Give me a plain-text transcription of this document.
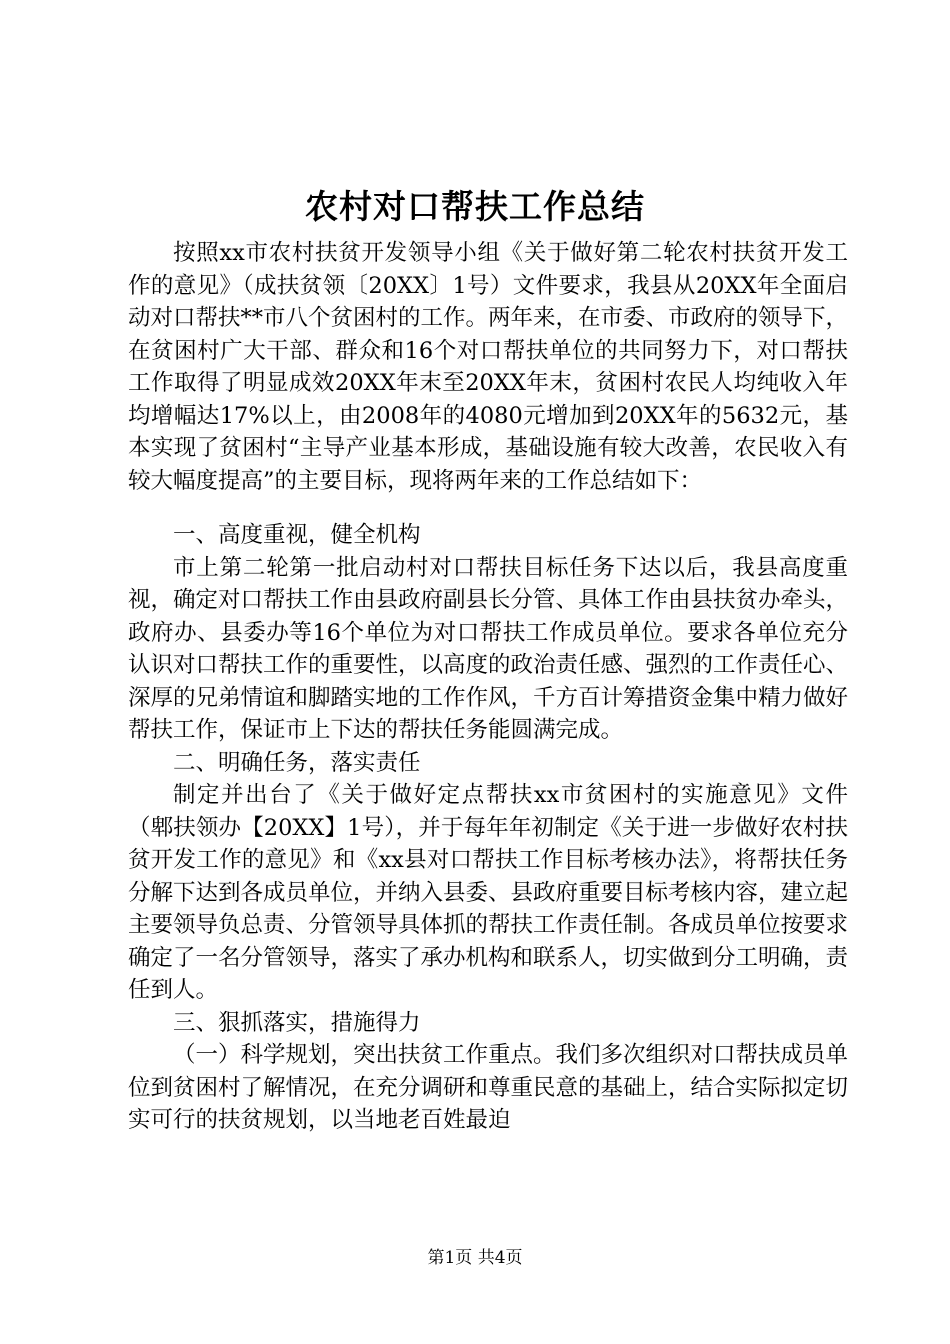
农村对口帮扶工作总结

按照xx市农村扶贫开发领导小组《关于做好第二轮农村扶贫开发工作的意见》（成扶贫领〔20XX〕1号）文件要求，我县从20XX年全面启动对口帮扶**市八个贫困村的工作。两年来，在市委、市政府的领导下，在贫困村广大干部、群众和16个对口帮扶单位的共同努力下，对口帮扶工作取得了明显成效20XX年末至20XX年末，贫困村农民人均纯收入年均增幅达17%以上，由2008年的4080元增加到20XX年的5632元，基本实现了贫困村“主导产业基本形成，基础设施有较大改善，农民收入有较大幅度提高”的主要目标，现将两年来的工作总结如下：

一、高度重视，健全机构

市上第二轮第一批启动村对口帮扶目标任务下达以后，我县高度重视，确定对口帮扶工作由县政府副县长分管、具体工作由县扶贫办牵头，政府办、县委办等16个单位为对口帮扶工作成员单位。要求各单位充分认识对口帮扶工作的重要性，以高度的政治责任感、强烈的工作责任心、深厚的兄弟情谊和脚踏实地的工作作风，千方百计筹措资金集中精力做好帮扶工作，保证市上下达的帮扶任务能圆满完成。

二、明确任务，落实责任

制定并出台了《关于做好定点帮扶xx市贫困村的实施意见》文件（郫扶领办【20XX】1号），并于每年年初制定《关于进一步做好农村扶贫开发工作的意见》和《xx县对口帮扶工作目标考核办法》，将帮扶任务分解下达到各成员单位，并纳入县委、县政府重要目标考核内容，建立起主要领导负总责、分管领导具体抓的帮扶工作责任制。各成员单位按要求确定了一名分管领导，落实了承办机构和联系人，切实做到分工明确，责任到人。

三、狠抓落实，措施得力

（一）科学规划，突出扶贫工作重点。我们多次组织对口帮扶成员单位到贫困村了解情况，在充分调研和尊重民意的基础上，结合实际拟定切实可行的扶贫规划，以当地老百姓最迫

第1页 共4页
